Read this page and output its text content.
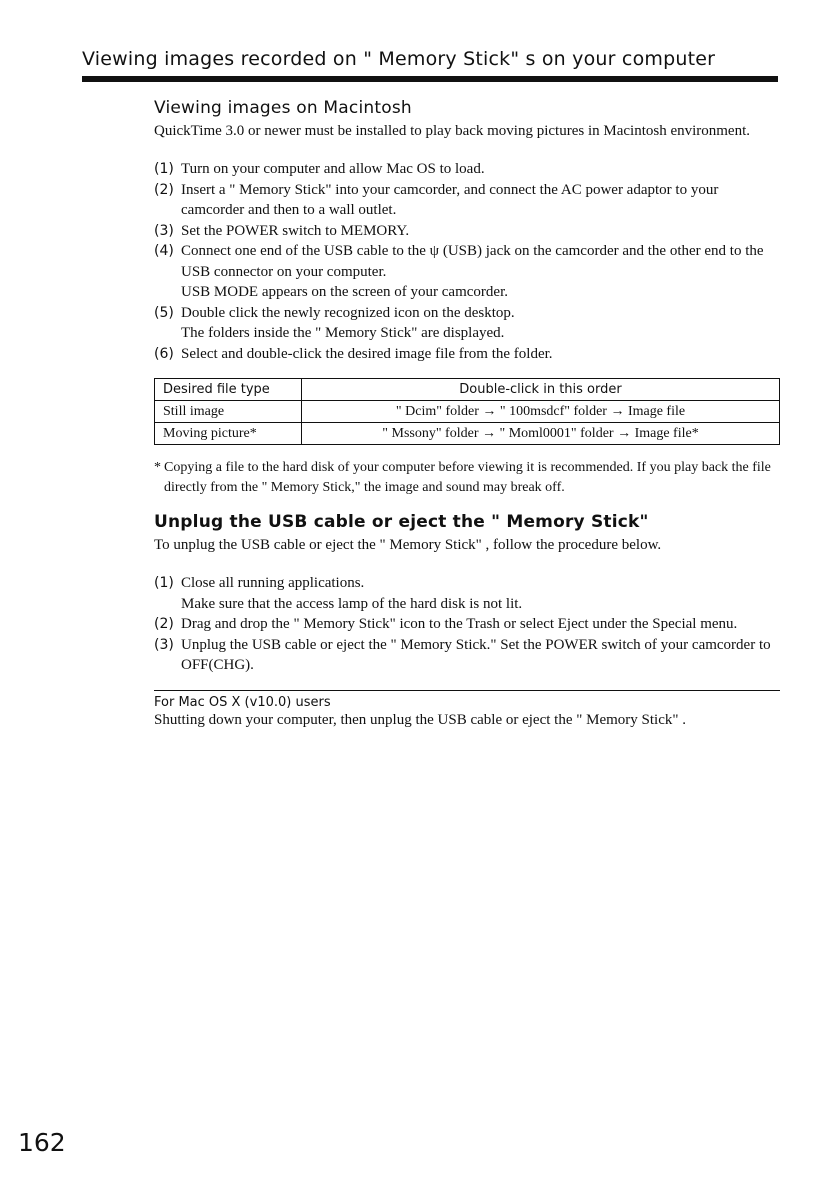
Viewing images recorded on " Memory Stick" s on your computer
Viewing images on Macintosh

QuickTime 3.0 or newer must be installed to play back moving pictures in Macintosh environment.

(1) Turn on your computer and allow Mac OS to load.
(2) Insert a " Memory Stick" into your camcorder, and connect the AC power adaptor to your camcorder and then to a wall outlet.
(3) Set the POWER switch to MEMORY.
(4) Connect one end of the USB cable to the ψ (USB) jack on the camcorder and the other end to the USB connector on your computer.
USB MODE appears on the screen of your camcorder.
(5) Double click the newly recognized icon on the desktop.
The folders inside the " Memory Stick" are displayed.
(6) Select and double-click the desired image file from the folder.
Desired file type	Double-click in this order
Still image	" Dcim" folder → " 100msdcf" folder → Image file
Moving picture*	" Mssony" folder → " Moml0001" folder → Image file*
* Copying a file to the hard disk of your computer before viewing it is recommended. If you play back the file directly from the " Memory Stick," the image and sound may break off.
Unplug the USB cable or eject the " Memory Stick"

To unplug the USB cable or eject the " Memory Stick" , follow the procedure below.

(1) Close all running applications.
Make sure that the access lamp of the hard disk is not lit.
(2) Drag and drop the " Memory Stick" icon to the Trash or select Eject under the Special menu.
(3) Unplug the USB cable or eject the " Memory Stick." Set the POWER switch of your camcorder to OFF(CHG).
For Mac OS X (v10.0) users

Shutting down your computer, then unplug the USB cable or eject the " Memory Stick" .

162
